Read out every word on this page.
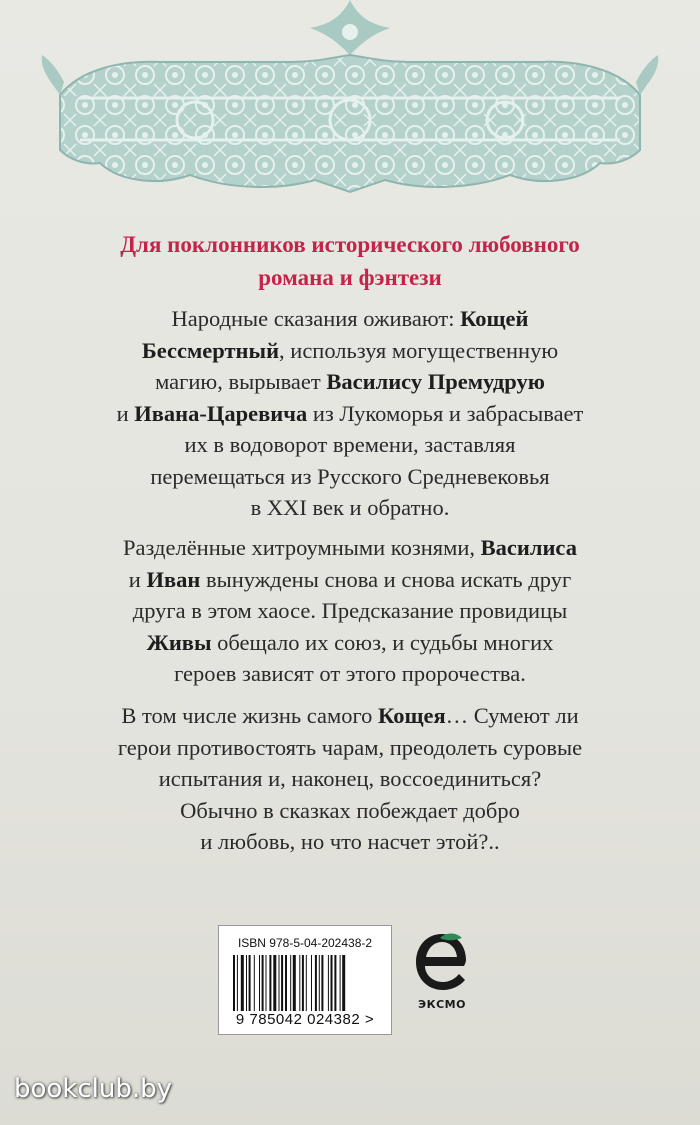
Для поклонников исторического любовного
романа и фэнтези
Народные сказания оживают: Кощей
Бессмертный, используя могущественную
магию, вырывает Василису Премудрую
и Ивана-Царевича из Лукоморья и забрасывает
их в водоворот времени, заставляя
перемещаться из Русского Средневековья
в XXI век и обратно.
Разделённые хитроумными кознями, Василиса
и Иван вынуждены снова и снова искать друг
друга в этом хаосе. Предсказание провидицы
Живы обещало их союз, и судьбы многих
героев зависят от этого пророчества.
В том числе жизнь самого Кощея… Сумеют ли
герои противостоять чарам, преодолеть суровые
испытания и, наконец, воссоединиться?
Обычно в сказках побеждает добро
и любовь, но что насчет этой?..
ISBN 978-5-04-202438-2
9 785042 024382 >
ЭКСМО
bookclub.by
